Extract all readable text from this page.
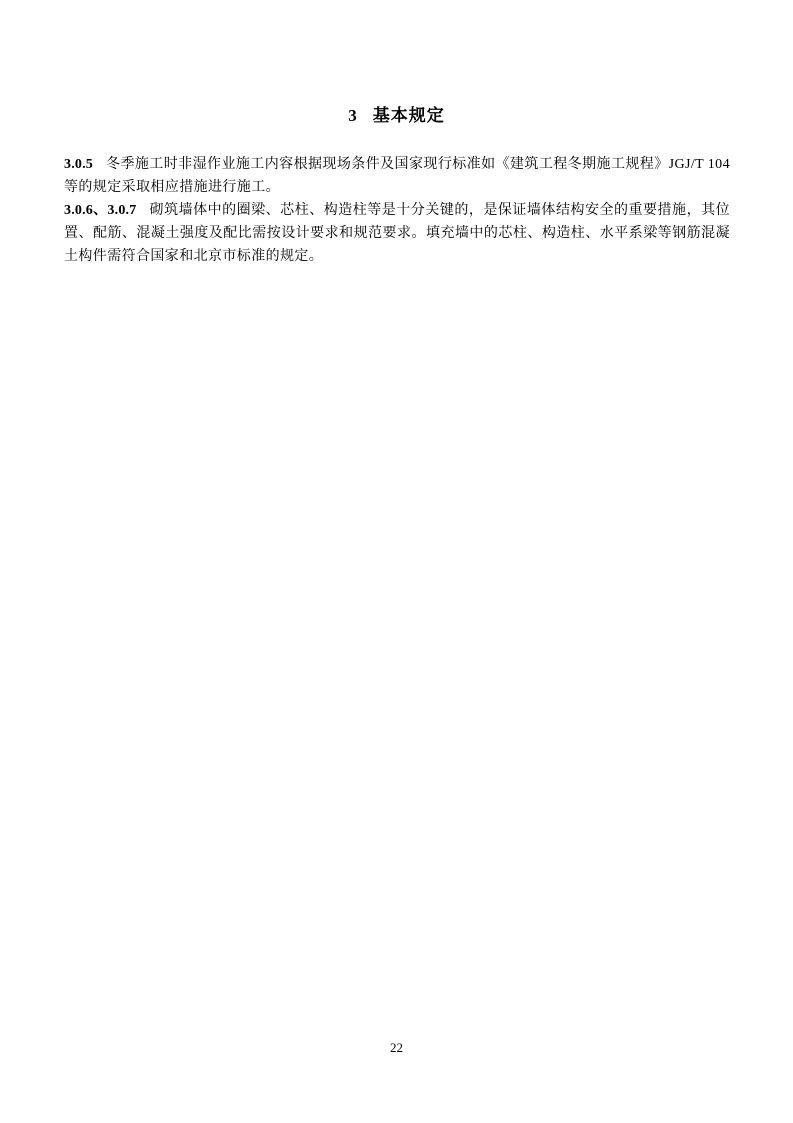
3 基本规定

3.0.5 冬季施工时非湿作业施工内容根据现场条件及国家现行标准如《建筑工程冬期施工规程》JGJ/T 104 等的规定采取相应措施进行施工。

3.0.6、3.0.7 砌筑墙体中的圈梁、芯柱、构造柱等是十分关键的，是保证墙体结构安全的重要措施，其位置、配筋、混凝土强度及配比需按设计要求和规范要求。填充墙中的芯柱、构造柱、水平系梁等钢筋混凝土构件需符合国家和北京市标准的规定。

22
